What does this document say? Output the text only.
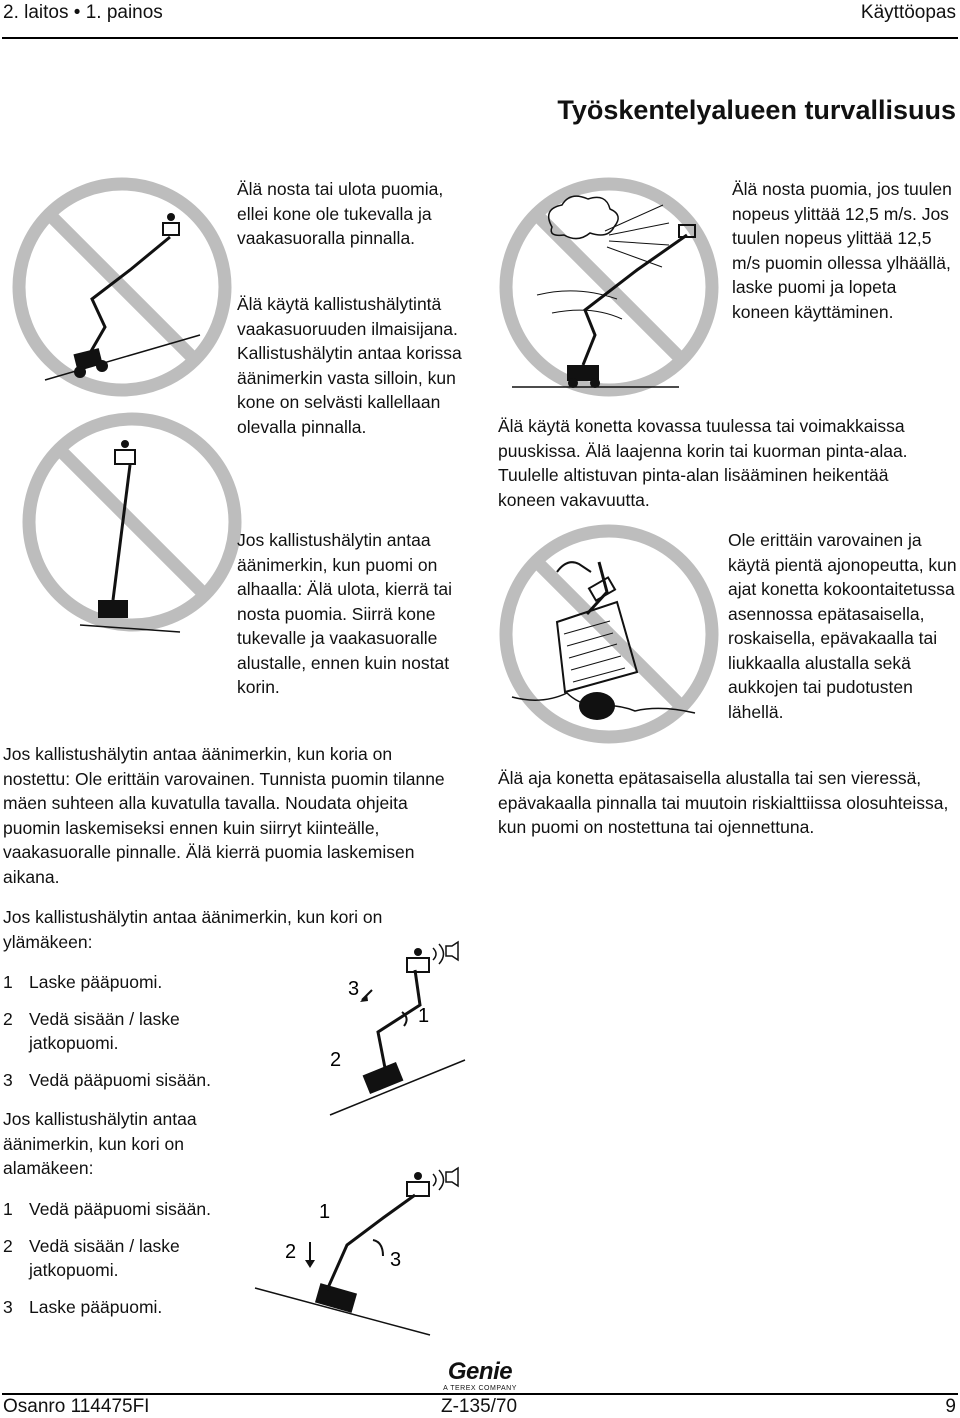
2. laitos • 1. painos	Käyttöopas
Työskentelyalueen turvallisuus

Älä nosta tai ulota puomia, ellei kone ole tukevalla ja vaakasuoralla pinnalla.

Älä käytä kallistushälytintä vaakasuoruuden ilmaisijana. Kallistushälytin antaa korissa äänimerkin vasta silloin, kun kone on selvästi kallellaan olevalla pinnalla.

Jos kallistushälytin antaa äänimerkin, kun puomi on alhaalla: Älä ulota, kierrä tai nosta puomia. Siirrä kone tukevalle ja vaakasuoralle alustalle, ennen kuin nostat korin.

Jos kallistushälytin antaa äänimerkin, kun koria on nostettu: Ole erittäin varovainen. Tunnista puomin tilanne mäen suhteen alla kuvatulla tavalla. Noudata ohjeita puomin laskemiseksi ennen kuin siirryt kiinteälle, vaakasuoralle pinnalle. Älä kierrä puomia laskemisen aikana.

Jos kallistushälytin antaa äänimerkin, kun kori on ylämäkeen:

1 Laske pääpuomi.
2 Vedä sisään / laske jatkopuomi.
3 Vedä pääpuomi sisään.

Jos kallistushälytin antaa äänimerkin, kun kori on alamäkeen:

1 Vedä pääpuomi sisään.
2 Vedä sisään / laske jatkopuomi.
3 Laske pääpuomi.
3
1
2
1
2	3

Älä nosta puomia, jos tuulen nopeus ylittää 12,5 m/s. Jos tuulen nopeus ylittää 12,5 m/s puomin ollessa ylhäällä, laske puomi ja lopeta koneen käyttäminen.

Älä käytä konetta kovassa tuulessa tai voimakkaissa puuskissa. Älä laajenna korin tai kuorman pinta-alaa. Tuulelle altistuvan pinta-alan lisääminen heikentää koneen vakavuutta.

Ole erittäin varovainen ja käytä pientä ajonopeutta, kun ajat konetta kokoontaitetussa asennossa epätasaisella, roskaisella, epävakaalla tai liukkaalla alustalla sekä aukkojen tai pudotusten lähellä.

Älä aja konetta epätasaisella alustalla tai sen vieressä, epävakaalla pinnalla tai muutoin riskialttiissa olosuhteissa, kun puomi on nostettuna tai ojennettuna.

Genie
A TEREX COMPANY
Osanro 114475FI	Z-135/70	9
